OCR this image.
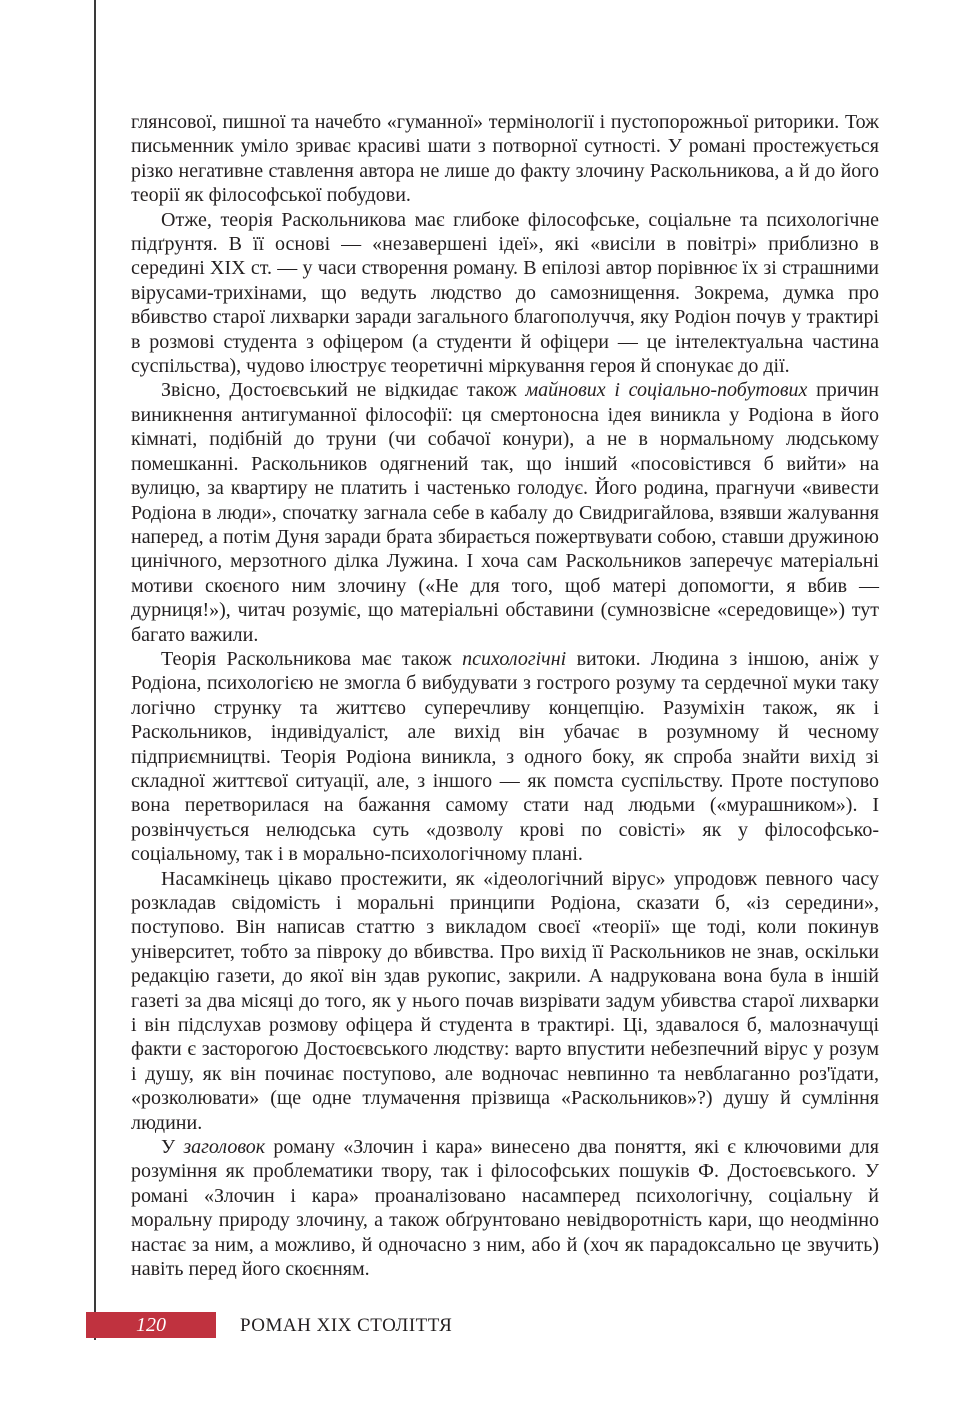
глянсової, пишної та начебто «гуманної» термінології і пустопорожньої риторики. Тож письменник уміло зриває красиві шати з потворної сутності. У романі простежується різко негативне ставлення автора не лише до факту злочину Раскольникова, а й до його теорії як філософської побудови.

Отже, теорія Раскольникова має глибоке філософське, соціальне та психологічне підґрунтя. В її основі — «незавершені ідеї», які «висіли в повітрі» приблизно в середині XIX ст. — у часи створення роману. В епілозі автор порівнює їх зі страшними вірусами-трихінами, що ведуть людство до самознищення. Зокрема, думка про вбивство старої лихварки заради загального благополуччя, яку Родіон почув у трактирі в розмові студента з офіцером (а студенти й офіцери — це інтелектуальна частина суспільства), чудово ілюструє теоретичні міркування героя й спонукає до дії.

Звісно, Достоєвський не відкидає також майнових і соціально-побутових причин виникнення антигуманної філософії: ця смертоносна ідея виникла у Родіона в його кімнаті, подібній до труни (чи собачої конури), а не в нормальному людському помешканні. Раскольников одягнений так, що інший «посовістився б вийти» на вулицю, за квартиру не платить і частенько голодує. Його родина, прагнучи «вивести Родіона в люди», спочатку загнала себе в кабалу до Свидригайлова, взявши жалування наперед, а потім Дуня заради брата збирається пожертвувати собою, ставши дружиною цинічного, мерзотного ділка Лужина. І хоча сам Раскольников заперечує матеріальні мотиви скоєного ним злочину («Не для того, щоб матері допомогти, я вбив — дурниця!»), читач розуміє, що матеріальні обставини (сумнозвісне «середовище») тут багато важили.

Теорія Раскольникова має також психологічні витоки. Людина з іншою, аніж у Родіона, психологією не змогла б вибудувати з гострого розуму та сердечної муки таку логічно струнку та життєво суперечливу концепцію. Разуміхін також, як і Раскольников, індивідуаліст, але вихід він убачає в розумному й чесному підприємництві. Теорія Родіона виникла, з одного боку, як спроба знайти вихід зі складної життєвої ситуації, але, з іншого — як помста суспільству. Проте поступово вона перетворилася на бажання самому стати над людьми («мурашником»). І розвінчується нелюдська суть «дозволу крові по совісті» як у філософсько-соціальному, так і в морально-психологічному плані.

Насамкінець цікаво простежити, як «ідеологічний вірус» упродовж певного часу розкладав свідомість і моральні принципи Родіона, сказати б, «із середини», поступово. Він написав статтю з викладом своєї «теорії» ще тоді, коли покинув університет, тобто за півроку до вбивства. Про вихід її Раскольников не знав, оскільки редакцію газети, до якої він здав рукопис, закрили. А надрукована вона була в іншій газеті за два місяці до того, як у нього почав визрівати задум убивства старої лихварки і він підслухав розмову офіцера й студента в трактирі. Ці, здавалося б, малозначущі факти є засторогою Достоєвського людству: варто впустити небезпечний вірус у розум і душу, як він починає поступово, але водночас невпинно та невблаганно роз'їдати, «розколювати» (ще одне тлумачення прізвища «Раскольников»?) душу й сумління людини.

У заголовок роману «Злочин і кара» винесено два поняття, які є ключовими для розуміння як проблематики твору, так і філософських пошуків Ф. Достоєвського. У романі «Злочин і кара» проаналізовано насамперед психологічну, соціальну й моральну природу злочину, а також обґрунтовано невідворотність кари, що неодмінно настає за ним, а можливо, й одночасно з ним, або й (хоч як парадоксально це звучить) навіть перед його скоєнням.

120	РОМАН XIX СТОЛІТТЯ
